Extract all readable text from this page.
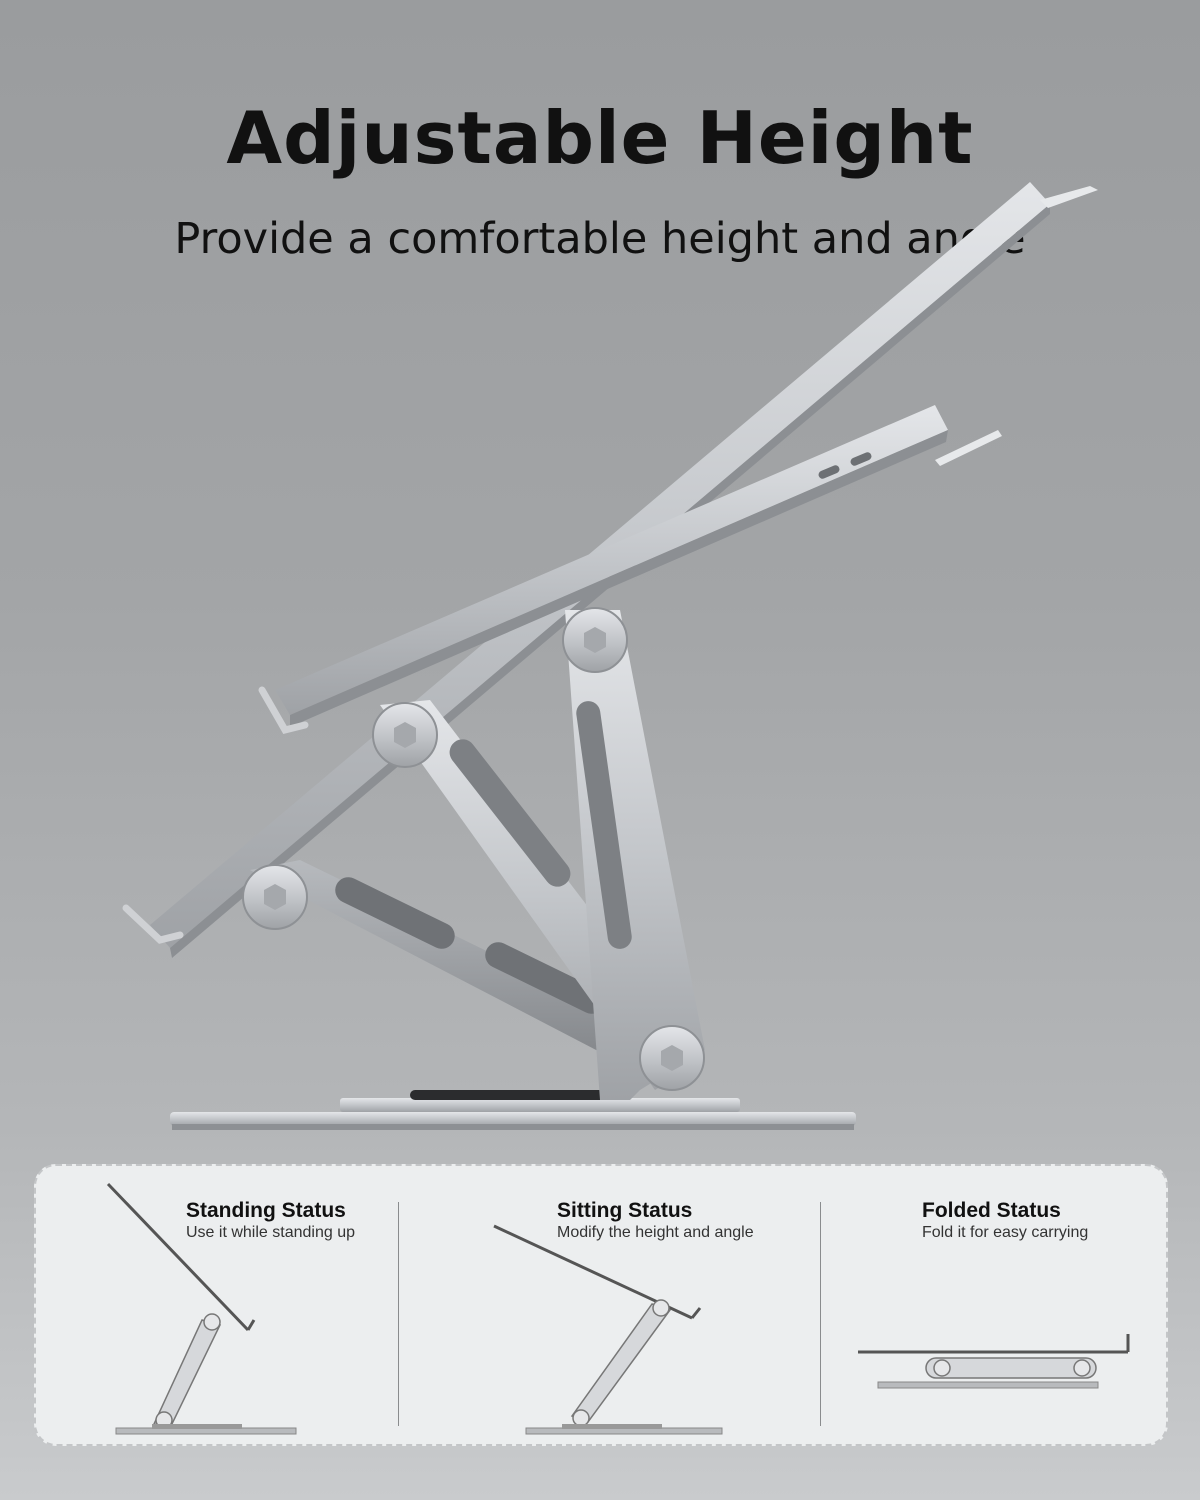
Adjustable Height
Provide a comfortable height and angle
Standing Status
Use it while standing up
Sitting Status
Modify the height and angle
Folded Status
Fold it for easy carrying
